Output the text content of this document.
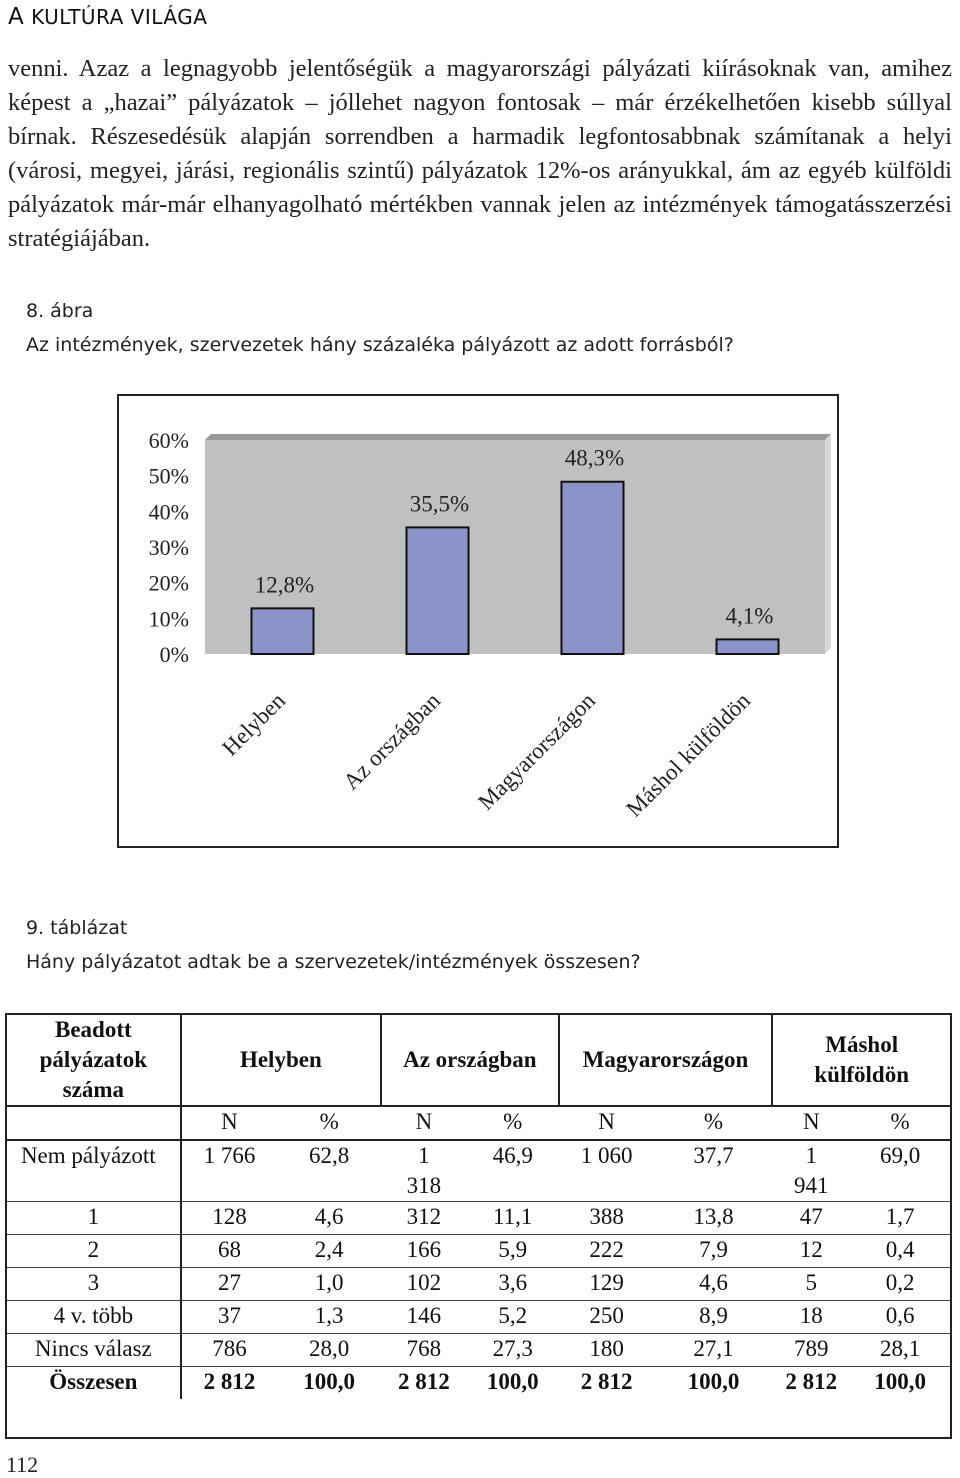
A KULTÚRA VILÁGA

venni. Azaz a legnagyobb jelentőségük a magyarországi pályázati kiírásoknak van, amihez képest a „hazai” pályázatok – jóllehet nagyon fontosak – már érzékelhetően kisebb súllyal bírnak. Részesedésük alapján sorrendben a harmadik legfontosabbnak számítanak a helyi (városi, megyei, járási, regionális szintű) pályázatok 12%-os arányukkal, ám az egyéb külföldi pályázatok már-már elhanyagolható mértékben vannak jelen az intézmények támogatásszerzési stratégiájában.

8. ábra
Az intézmények, szervezetek hány százaléka pályázott az adott forrásból?
0%
10%
20%
30%
40%
50%
60%
12,8%
Helyben
35,5%
Az országban
48,3%
Magyarországon
4,1%
Máshol külföldön
9. táblázat
Hány pályázatot adtak be a szervezetek/intézmények összesen?
Beadott pályázatok száma	Helyben		Az országban		Magyarországon		Máshol külföldön	
	N	%	N	%	N	%	N	%
Nem pályázott	1 766	62,8	1 318	46,9	1 060	37,7	1 941	69,0
1	128	4,6	312	11,1	388	13,8	47	1,7
2	68	2,4	166	5,9	222	7,9	12	0,4
3	27	1,0	102	3,6	129	4,6	5	0,2
4 v. több	37	1,3	146	5,2	250	8,9	18	0,6
Nincs válasz	786	28,0	768	27,3	180	27,1	789	28,1
Összesen	2 812	100,0	2 812	100,0	2 812	100,0	2 812	100,0

112
